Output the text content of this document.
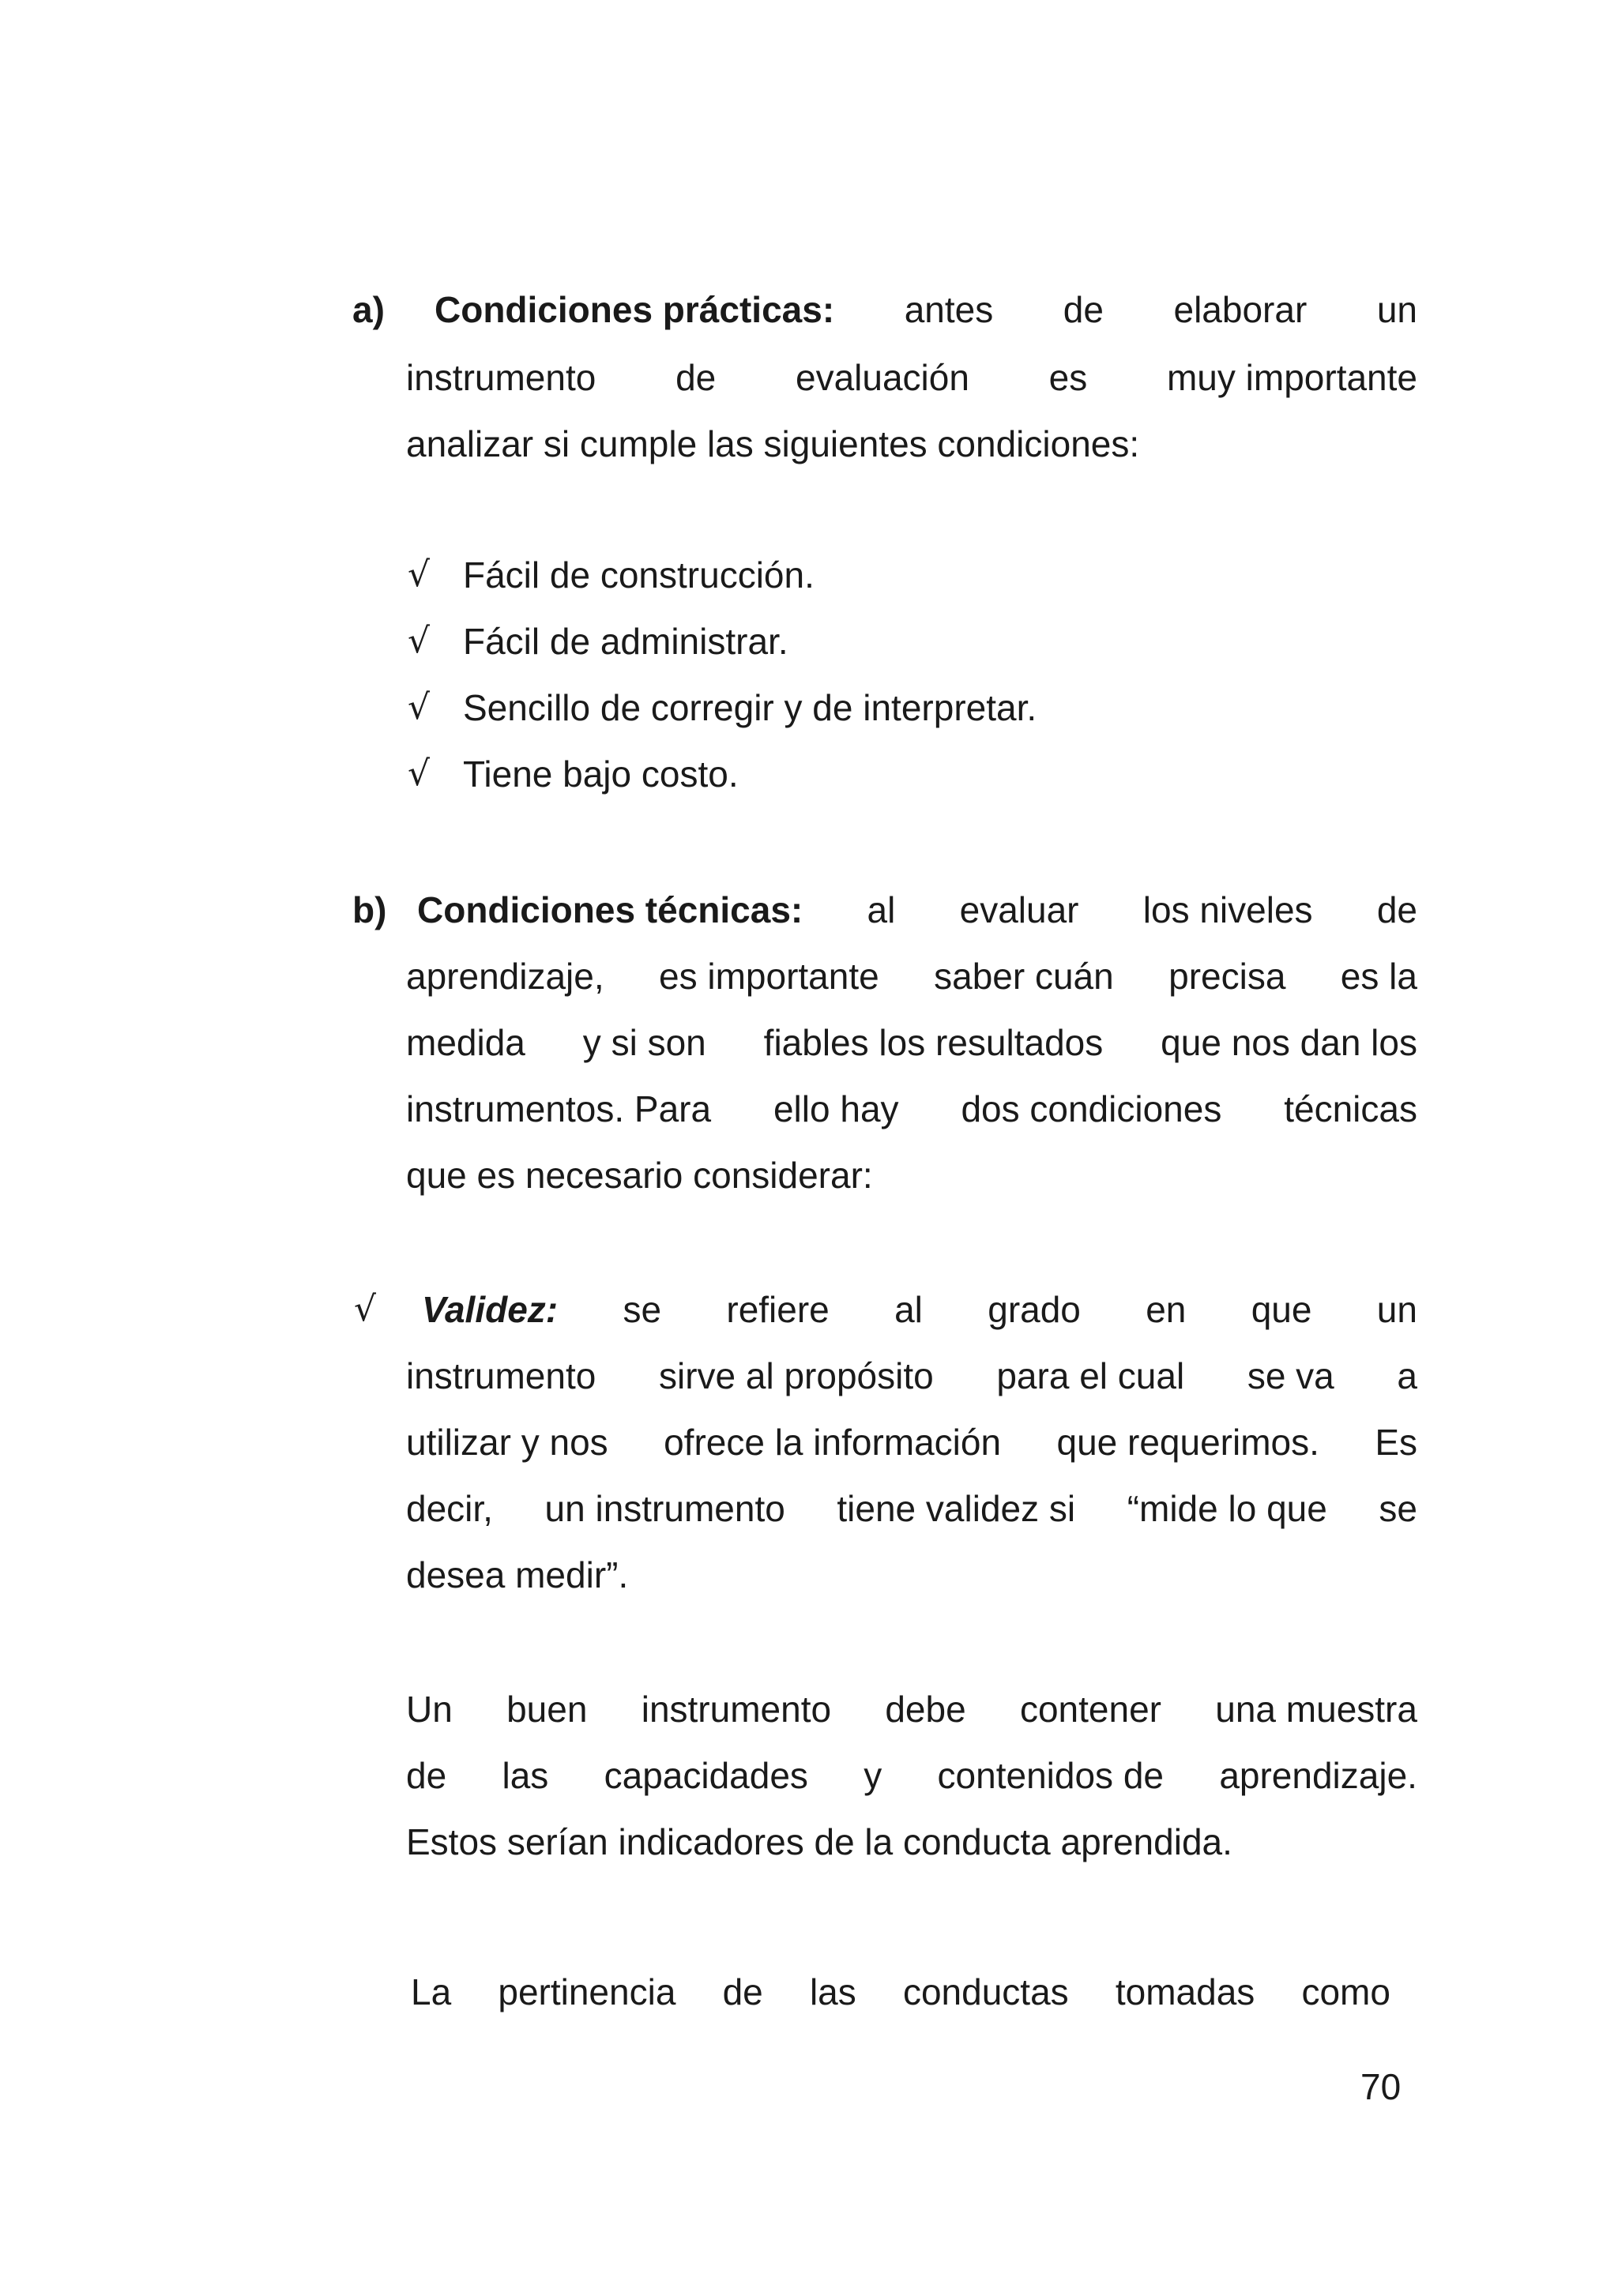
a) Condiciones prácticas: antes de elaborar un
instrumento de evaluación es muy importante
analizar si cumple las siguientes condiciones:
√ Fácil de construcción.
√ Fácil de administrar.
√ Sencillo de corregir y de interpretar.
√ Tiene bajo costo.
b) Condiciones técnicas: al evaluar los niveles de
aprendizaje, es importante saber cuán precisa es la
medida y si son fiables los resultados que nos dan los
instrumentos. Para ello hay dos condiciones técnicas
que es necesario considerar:
√ Validez: se refiere al grado en que un
instrumento sirve al propósito para el cual se va a
utilizar y nos ofrece la información que requerimos. Es
decir, un instrumento tiene validez si “mide lo que se
desea medir”.
Un buen instrumento debe contener una muestra
de las capacidades y contenidos de aprendizaje.
Estos serían indicadores de la conducta aprendida.
La pertinencia de las conductas tomadas como
70
